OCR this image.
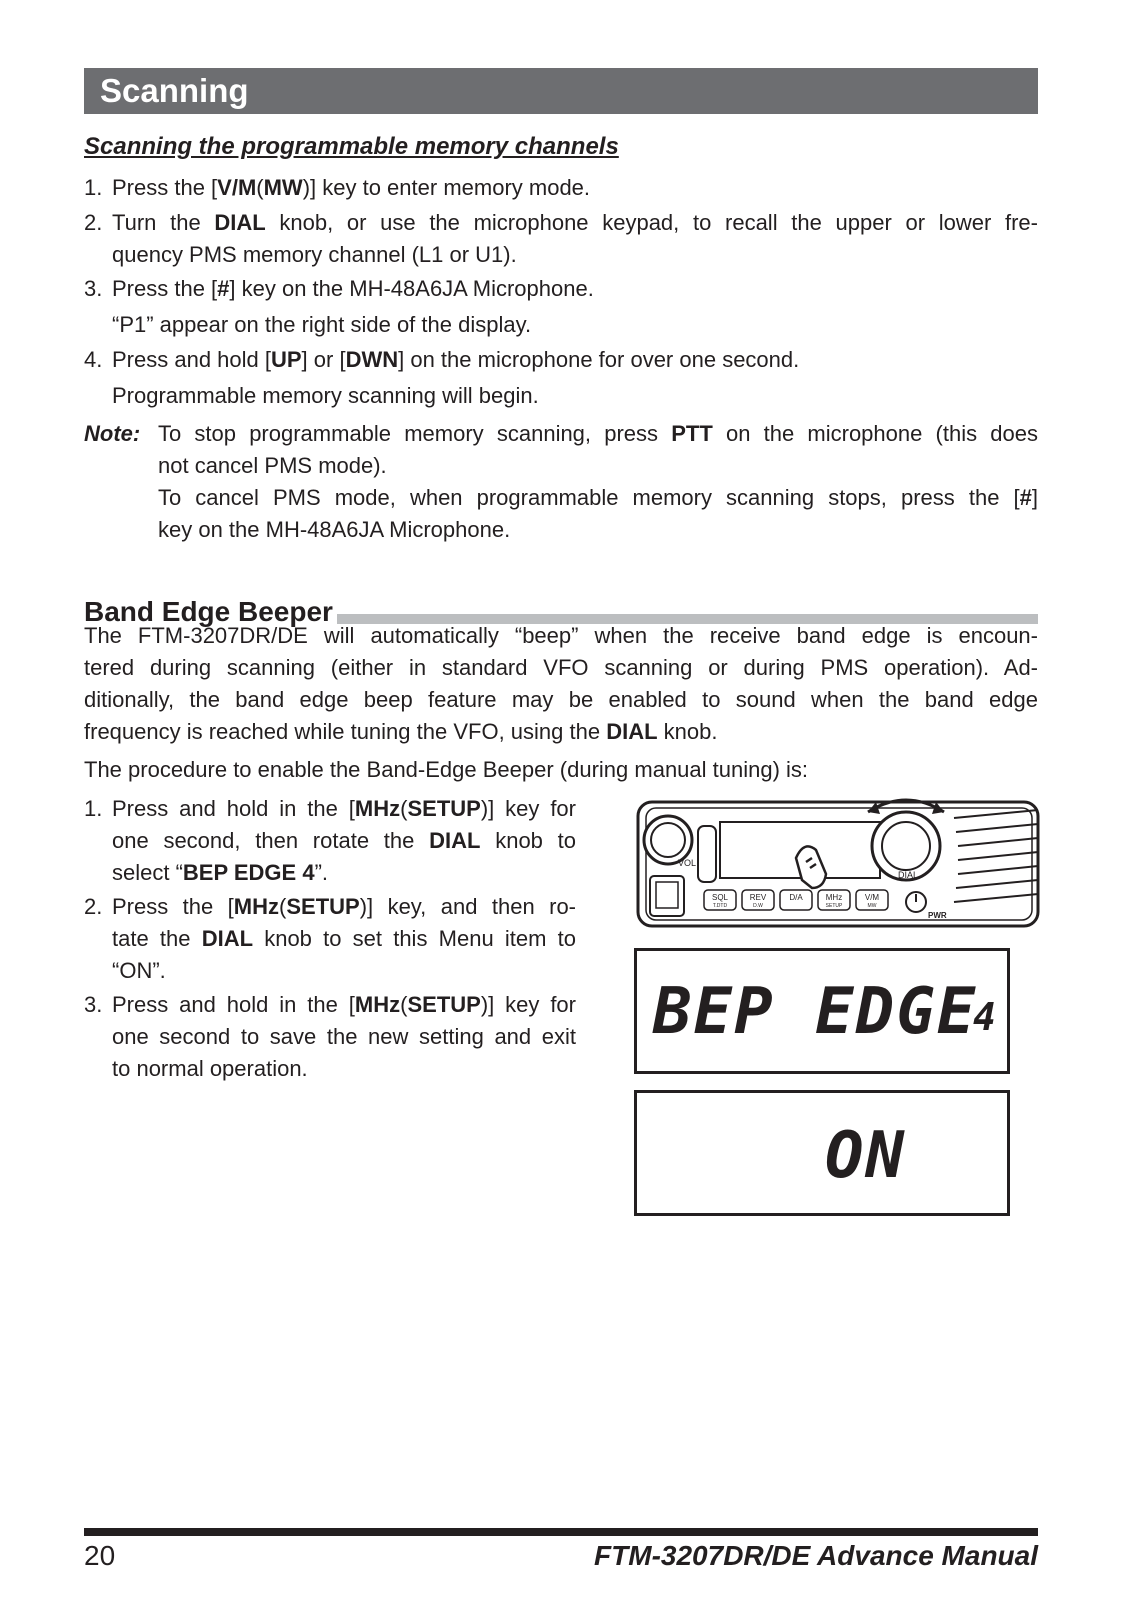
Scanning
Scanning the programmable memory channels
1. Press the [V/M(MW)] key to enter memory mode.
2. Turn the DIAL knob, or use the microphone keypad, to recall the upper or lower fre-
quency PMS memory channel (L1 or U1).
3. Press the [#] key on the MH-48A6JA Microphone.
“P1” appear on the right side of the display.
4. Press and hold [UP] or [DWN] on the microphone for over one second.
Programmable memory scanning will begin.
Note: To stop programmable memory scanning, press PTT on the microphone (this does
not cancel PMS mode).
To cancel PMS mode, when programmable memory scanning stops, press the [#]
key on the MH-48A6JA Microphone.
Band Edge Beeper
The FTM-3207DR/DE will automatically “beep” when the receive band edge is encoun-
tered during scanning (either in standard VFO scanning or during PMS operation). Ad-
ditionally, the band edge beep feature may be enabled to sound when the band edge
frequency is reached while tuning the VFO, using the DIAL knob.
The procedure to enable the Band-Edge Beeper (during manual tuning) is:
1. Press and hold in the [MHz(SETUP)] key for
one second, then rotate the DIAL knob to
select “BEP EDGE 4”.
2. Press the [MHz(SETUP)] key, and then ro-
tate the DIAL knob to set this Menu item to
“ON”.
3. Press and hold in the [MHz(SETUP)] key for
one second to save the new setting and exit
to normal operation.
VOL
DIAL
SQL
T.DTD
REV
D.W
D/A	MHz
SETUP
V/M
MW
PWR
BEP EDGE
4
ON
20	FTM-3207DR/DE Advance Manual
